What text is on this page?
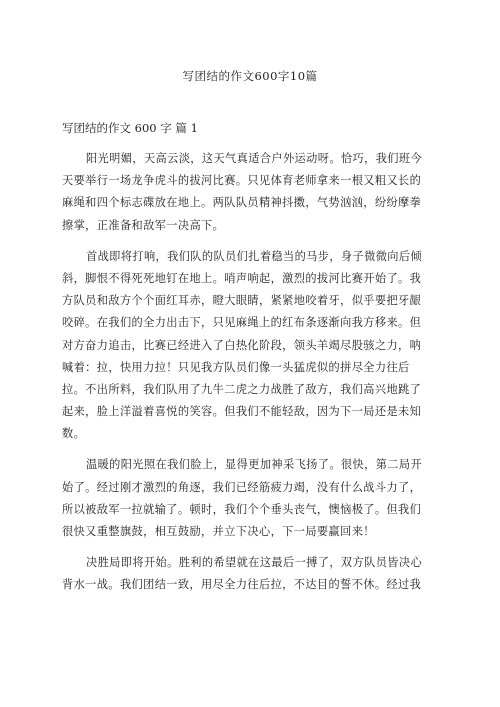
写团结的作文600字10篇
写团结的作文 600 字 篇 1
阳光明媚，天高云淡，这天气真适合户外运动呀。恰巧，我们班今
天要举行一场龙争虎斗的拔河比赛。只见体育老师拿来一根又粗又长的
麻绳和四个标志碟放在地上。两队队员精神抖擞，气势汹汹，纷纷摩拳
擦掌，正准备和敌军一决高下。
首战即将打响，我们队的队员们扎着稳当的马步，身子微微向后倾
斜，脚恨不得死死地钉在地上。哨声响起，激烈的拔河比赛开始了。我
方队员和敌方个个面红耳赤，瞪大眼睛，紧紧地咬着牙，似乎要把牙龈
咬碎。在我们的全力出击下，只见麻绳上的红布条逐渐向我方移来。但
对方奋力追击，比赛已经进入了白热化阶段，领头羊竭尽股骇之力，呐
喊着：拉，快用力拉！只见我方队员们像一头猛虎似的拼尽全力往后
拉。不出所料，我们队用了九牛二虎之力战胜了敌方，我们高兴地跳了
起来，脸上洋溢着喜悦的笑容。但我们不能轻敌，因为下一局还是未知
数。
温暖的阳光照在我们脸上，显得更加神采飞扬了。很快，第二局开
始了。经过刚才激烈的角逐，我们已经筋疲力竭，没有什么战斗力了，
所以被敌军一拉就输了。顿时，我们个个垂头丧气，懊恼极了。但我们
很快又重整旗鼓，相互鼓励，并立下决心，下一局要赢回来！
决胜局即将开始。胜利的希望就在这最后一搏了，双方队员皆决心
背水一战。我们团结一致，用尽全力往后拉，不达目的誓不休。经过我
